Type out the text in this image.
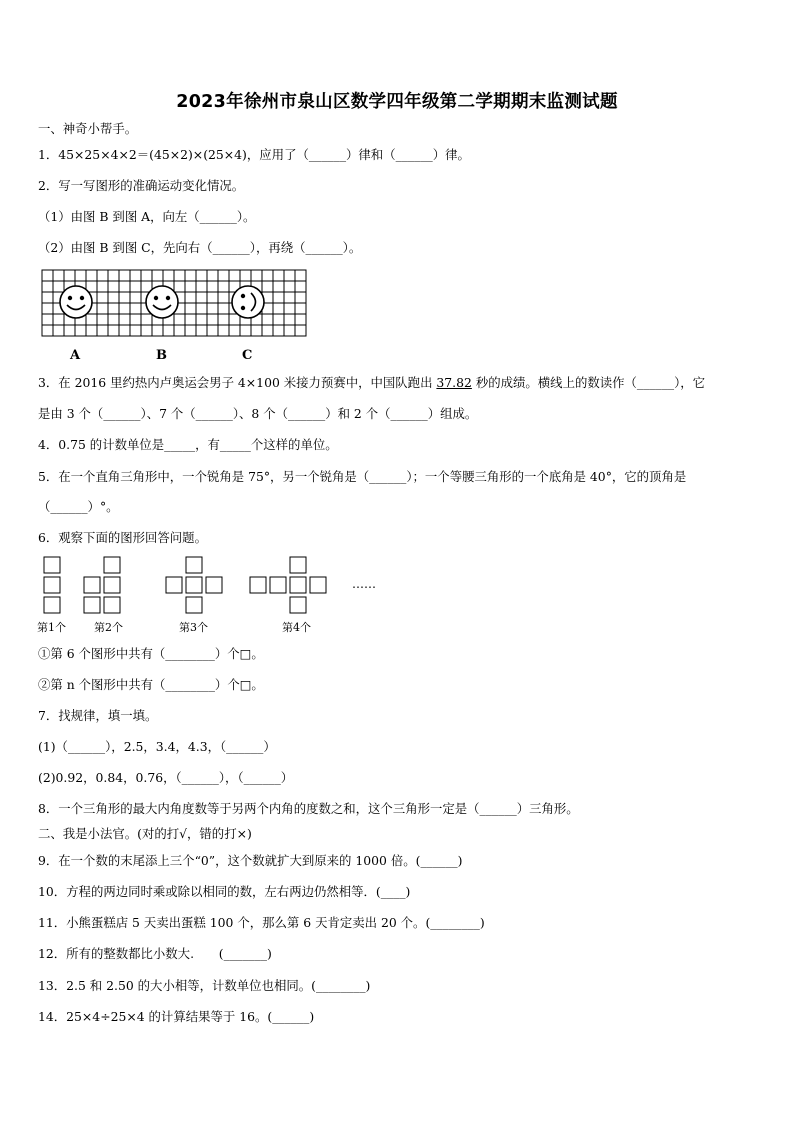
2023年徐州市泉山区数学四年级第二学期期末监测试题
一、神奇小帮手。
1．45×25×4×2＝(45×2)×(25×4)，应用了（______）律和（______）律。
2．写一写图形的准确运动变化情况。
（1）由图 B 到图 A，向左（______）。
（2）由图 B 到图 C，先向右（______），再绕（______）。
A	B	C
3．在 2016 里约热内卢奥运会男子 4×100 米接力预赛中，中国队跑出 37.82 秒的成绩。横线上的数读作（______），它
是由 3 个（______）、7 个（______）、8 个（______）和 2 个（______）组成。
4．0.75 的计数单位是_____，有_____个这样的单位。
5．在一个直角三角形中，一个锐角是 75°，另一个锐角是（______）；一个等腰三角形的一个底角是 40°，它的顶角是
（______）°。
6．观察下面的图形回答问题。
……
第1个	第2个	第3个	第4个
①第 6 个图形中共有（________）个□。
②第 n 个图形中共有（________）个□。
7．找规律，填一填。
(1)（______），2.5，3.4，4.3，（______）
(2)0.92，0.84，0.76，（______），（______）
8．一个三角形的最大内角度数等于另两个内角的度数之和，这个三角形一定是（______）三角形。
二、我是小法官。(对的打√，错的打×)
9．在一个数的末尾添上三个“0”，这个数就扩大到原来的 1000 倍。(______)
10．方程的两边同时乘或除以相同的数，左右两边仍然相等．(____)
11．小熊蛋糕店 5 天卖出蛋糕 100 个，那么第 6 天肯定卖出 20 个。(________)
12．所有的整数都比小数大.　　(_______)
13．2.5 和 2.50 的大小相等，计数单位也相同。(________)
14．25×4÷25×4 的计算结果等于 16。(______)
